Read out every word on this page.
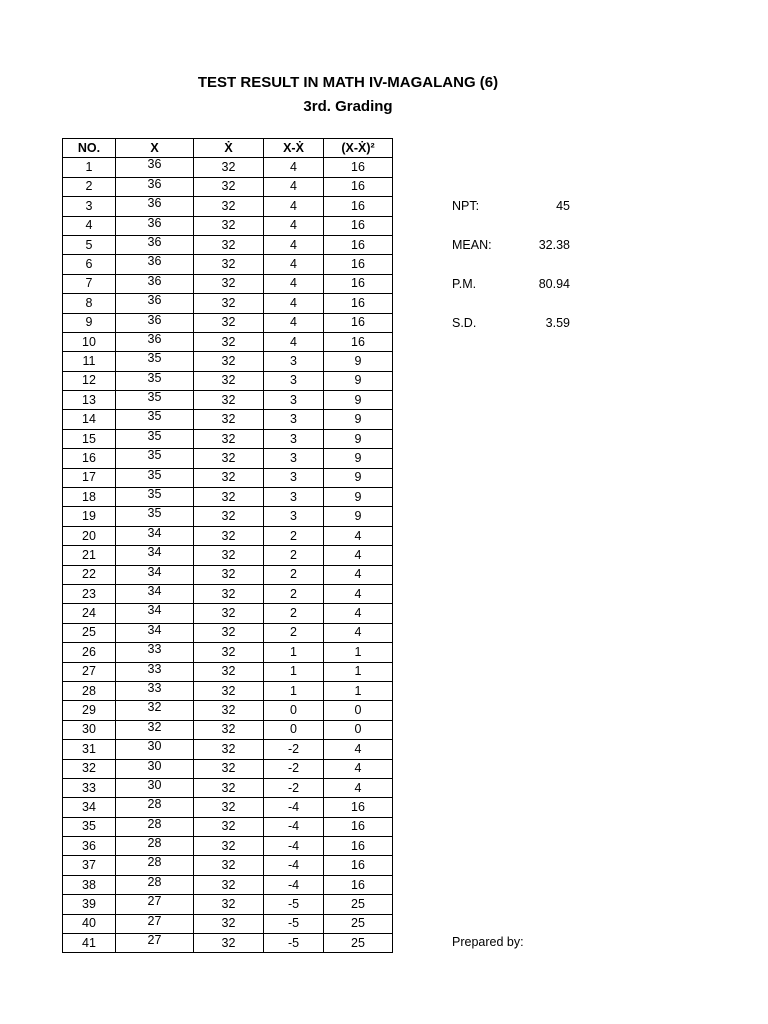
TEST RESULT IN MATH IV-MAGALANG (6)
3rd. Grading
NO.	X	Ẋ	X-Ẋ	(X-Ẋ)²
1	36	32	4	16
2	36	32	4	16
3	36	32	4	16
4	36	32	4	16
5	36	32	4	16
6	36	32	4	16
7	36	32	4	16
8	36	32	4	16
9	36	32	4	16
10	36	32	4	16
11	35	32	3	9
12	35	32	3	9
13	35	32	3	9
14	35	32	3	9
15	35	32	3	9
16	35	32	3	9
17	35	32	3	9
18	35	32	3	9
19	35	32	3	9
20	34	32	2	4
21	34	32	2	4
22	34	32	2	4
23	34	32	2	4
24	34	32	2	4
25	34	32	2	4
26	33	32	1	1
27	33	32	1	1
28	33	32	1	1
29	32	32	0	0
30	32	32	0	0
31	30	32	-2	4
32	30	32	-2	4
33	30	32	-2	4
34	28	32	-4	16
35	28	32	-4	16
36	28	32	-4	16
37	28	32	-4	16
38	28	32	-4	16
39	27	32	-5	25
40	27	32	-5	25
41	27	32	-5	25
NPT:	45
MEAN:	32.38
P.M.	80.94
S.D.	3.59
Prepared by:
